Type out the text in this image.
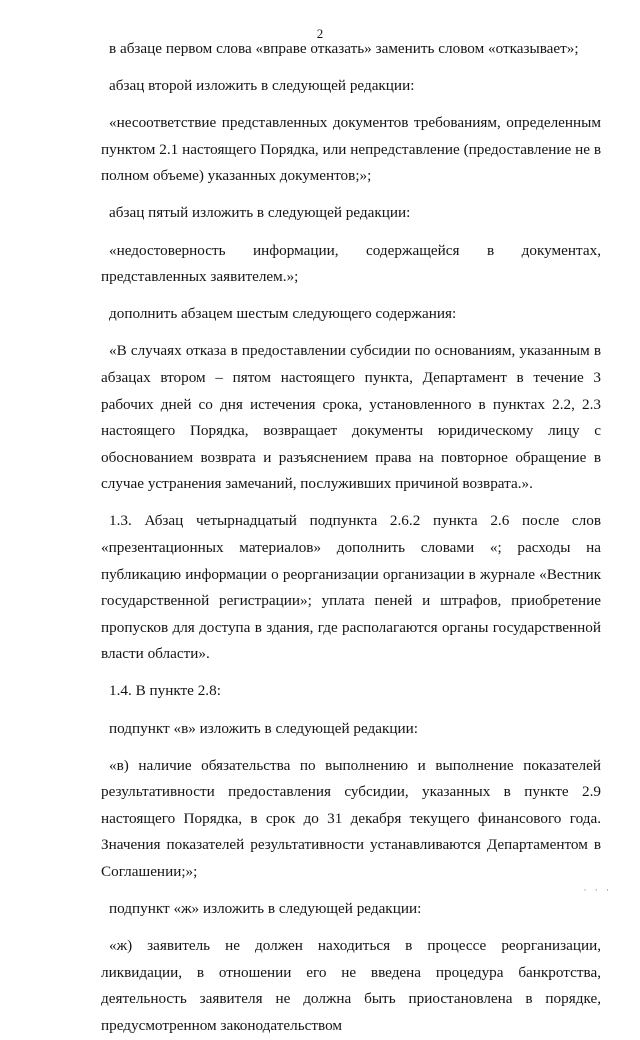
2

в абзаце первом слова «вправе отказать» заменить словом «отказывает»;

абзац второй изложить в следующей редакции:

«несоответствие представленных документов требованиям, определенным пунктом 2.1 настоящего Порядка, или непредставление (предоставление не в полном объеме) указанных документов;»;

абзац пятый изложить в следующей редакции:

«недостоверность информации, содержащейся в документах, представленных заявителем.»;

дополнить абзацем шестым следующего содержания:

«В случаях отказа в предоставлении субсидии по основаниям, указанным в абзацах втором – пятом настоящего пункта, Департамент в течение 3 рабочих дней со дня истечения срока, установленного в пунктах 2.2, 2.3 настоящего Порядка, возвращает документы юридическому лицу с обоснованием возврата и разъяснением права на повторное обращение в случае устранения замечаний, послуживших причиной возврата.».

1.3. Абзац четырнадцатый подпункта 2.6.2 пункта 2.6 после слов «презентационных материалов» дополнить словами «; расходы на публикацию информации о реорганизации организации в журнале «Вестник государственной регистрации»; уплата пеней и штрафов, приобретение пропусков для доступа в здания, где располагаются органы государственной власти области».

1.4. В пункте 2.8:

подпункт «в» изложить в следующей редакции:

«в) наличие обязательства по выполнению и выполнение показателей результативности предоставления субсидии, указанных в пункте 2.9 настоящего Порядка, в срок до 31 декабря текущего финансового года. Значения показателей результативности устанавливаются Департаментом в Соглашении;»;

подпункт «ж» изложить в следующей редакции:

«ж) заявитель не должен находиться в процессе реорганизации, ликвидации, в отношении его не введена процедура банкротства, деятельность заявителя не должна быть приостановлена в порядке, предусмотренном законодательством

· · ·
